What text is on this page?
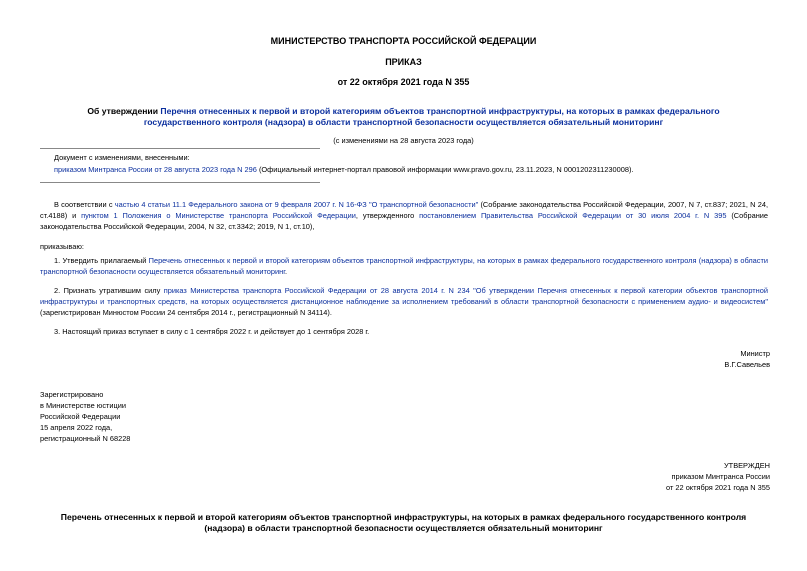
МИНИСТЕРСТВО ТРАНСПОРТА РОССИЙСКОЙ ФЕДЕРАЦИИ
ПРИКАЗ
от 22 октября 2021 года N 355
Об утверждении Перечня отнесенных к первой и второй категориям объектов транспортной инфраструктуры, на которых в рамках федерального
государственного контроля (надзора) в области транспортной безопасности осуществляется обязательный мониторинг
(с изменениями на 28 августа 2023 года)
Документ с изменениями, внесенными:
приказом Минтранса России от 28 августа 2023 года N 296 (Официальный интернет-портал правовой информации www.pravo.gov.ru, 23.11.2023, N 0001202311230008).
В соответствии с частью 4 статьи 11.1 Федерального закона от 9 февраля 2007 г. N 16-ФЗ "О транспортной безопасности" (Собрание законодательства Российской Федерации, 2007, N 7, ст.837; 2021, N 24, ст.4188) и пунктом 1 Положения о Министерстве транспорта Российской Федерации, утвержденного постановлением Правительства Российской Федерации от 30 июля 2004 г. N 395 (Собрание законодательства Российской Федерации, 2004, N 32, ст.3342; 2019, N 1, ст.10),
приказываю:
1. Утвердить прилагаемый Перечень отнесенных к первой и второй категориям объектов транспортной инфраструктуры, на которых в рамках федерального государственного контроля (надзора) в области транспортной безопасности осуществляется обязательный мониторинг.
2. Признать утратившим силу приказ Министерства транспорта Российской Федерации от 28 августа 2014 г. N 234 "Об утверждении Перечня отнесенных к первой категории объектов транспортной инфраструктуры и транспортных средств, на которых осуществляется дистанционное наблюдение за исполнением требований в области транспортной безопасности с применением аудио- и видеосистем" (зарегистрирован Минюстом России 24 сентября 2014 г., регистрационный N 34114).
3. Настоящий приказ вступает в силу с 1 сентября 2022 г. и действует до 1 сентября 2028 г.
Министр
В.Г.Савельев
Зарегистрировано
в Министерстве юстиции
Российской Федерации
15 апреля 2022 года,
регистрационный N 68228
УТВЕРЖДЕН
приказом Минтранса России
от 22 октября 2021 года N 355
Перечень отнесенных к первой и второй категориям объектов транспортной инфраструктуры, на которых в рамках федерального государственного контроля
(надзора) в области транспортной безопасности осуществляется обязательный мониторинг
